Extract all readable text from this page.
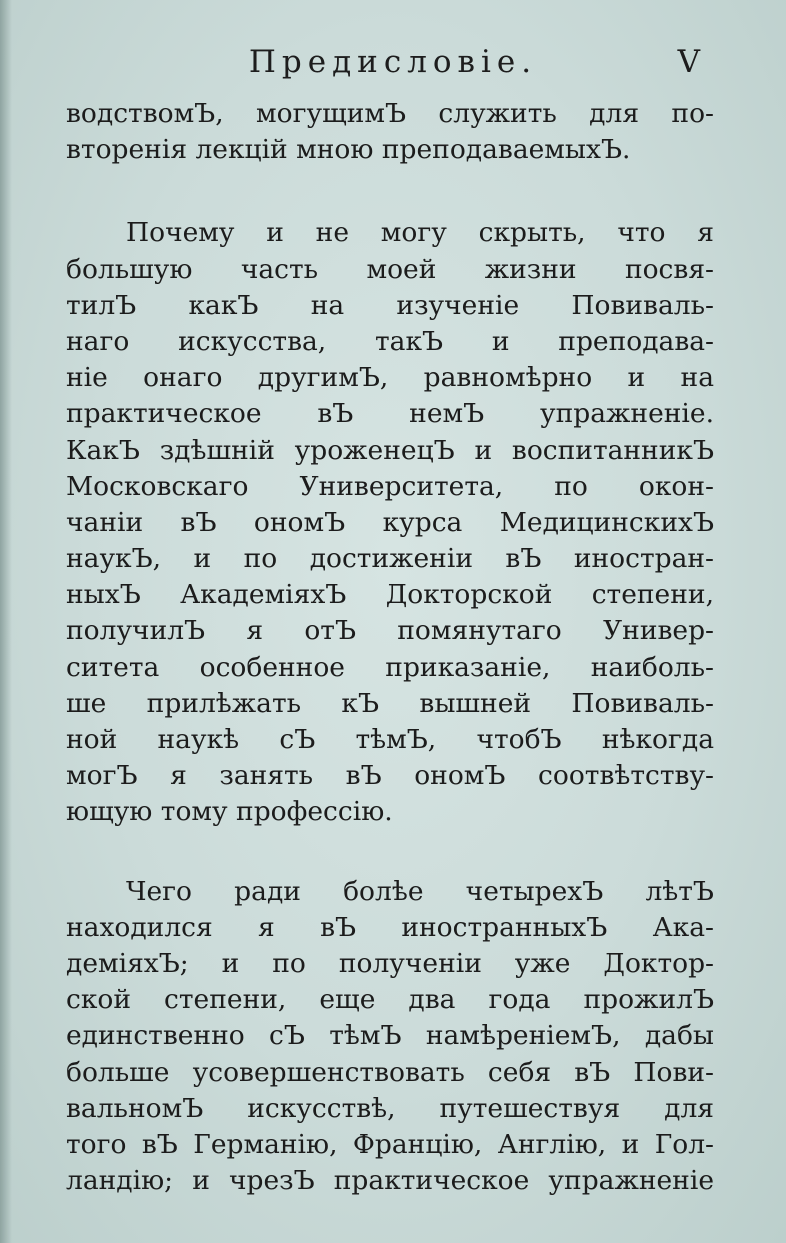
Предисловiе.	V
водствомЪ, могущимЪ служить для по-
вторенiя лекцiй мною преподаваемыхЪ.
Почему и не могу скрыть, что я
большую часть моей жизни посвя-
тилЪ какЪ на изученiе Повиваль-
наго искусства, такЪ и преподава-
нiе онаго другимЪ, равномѣрно и на
практическое вЪ немЪ упражненiе.
КакЪ здѣшнiй уроженецЪ и воспитанникЪ
Московскаго Университета, по окон-
чанiи вЪ ономЪ курса МедицинскихЪ
наукЪ, и по достиженiи вЪ иностран-
ныхЪ АкадемiяхЪ Докторской степени,
получилЪ я отЪ помянутаго Универ-
ситета особенное приказанiе, наиболь-
ше прилѣжать кЪ вышней Повиваль-
ной наукѣ сЪ тѣмЪ, чтобЪ нѣкогда
могЪ я занять вЪ ономЪ соотвѣтству-
ющую тому профессiю.
Чего ради болѣе четырехЪ лѣтЪ
находился я вЪ иностранныхЪ Ака-
демiяхЪ; и по полученiи уже Доктор-
ской степени, еще два года прожилЪ
единственно сЪ тѣмЪ намѣренiемЪ, дабы
больше усовершенствовать себя вЪ Пови-
вальномЪ искусствѣ, путешествуя для
того вЪ Германiю, Францiю, Англiю, и Гол-
ландiю; и чрезЪ практическое упражненiе
